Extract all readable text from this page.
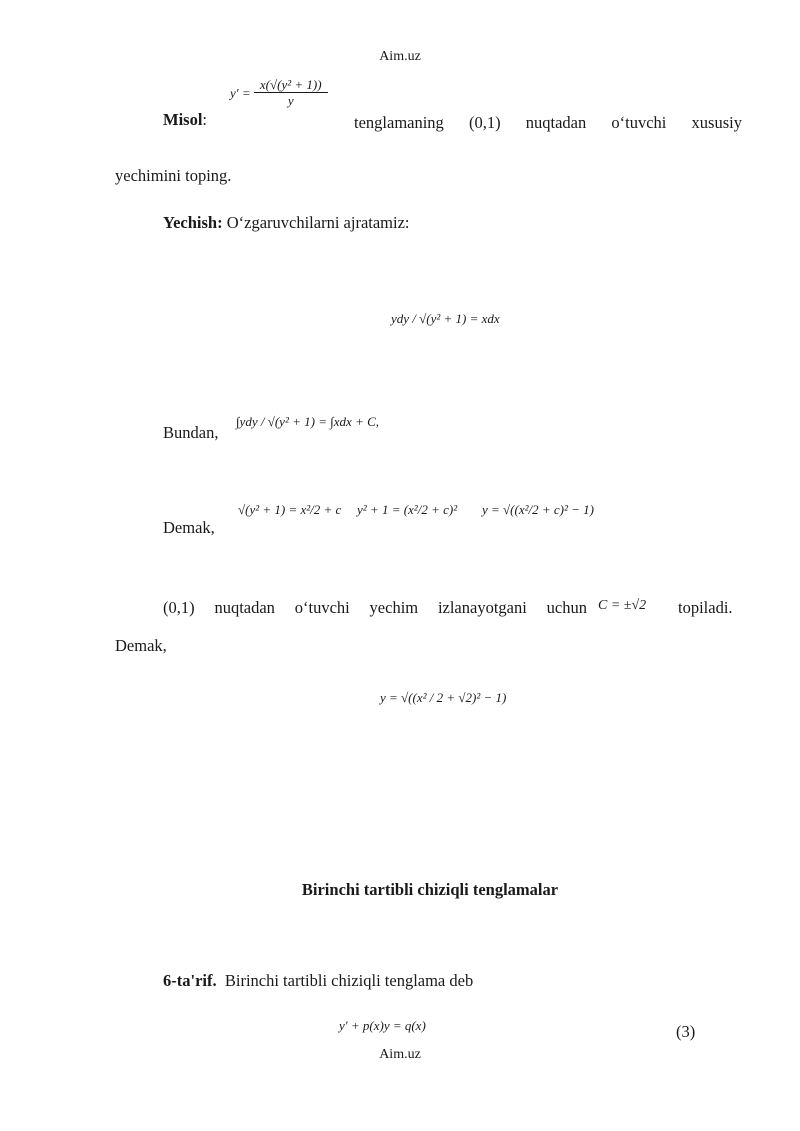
Aim.uz
Misol:
$y' = \frac{\text{x(√(y² + 1))}}{y}$
tenglamaning (0,1) nuqtadan o‘tuvchi xususiy
yechimini toping.
Yechish: O‘zgaruvchilarni ajratamiz:
ydy / √(y² + 1) = xdx
Bundan,
∫ydy / √(y² + 1) = ∫xdx + C,
Demak,
√(y² + 1) = x²/2 + c y² + 1 = (x²/2 + c)² y = √((x²/2 + c)² − 1)
(0,1) nuqtadan o‘tuvchi yechim izlanayotgani uchun C = ±√2 topiladi.
Demak,
y = √((x² / 2 + √2)² − 1)
Birinchi tartibli chiziqli tenglamalar
6-ta'rif. Birinchi tartibli chiziqli tenglama deb
y′ + p(x)y = q(x)	(3)
Aim.uz
